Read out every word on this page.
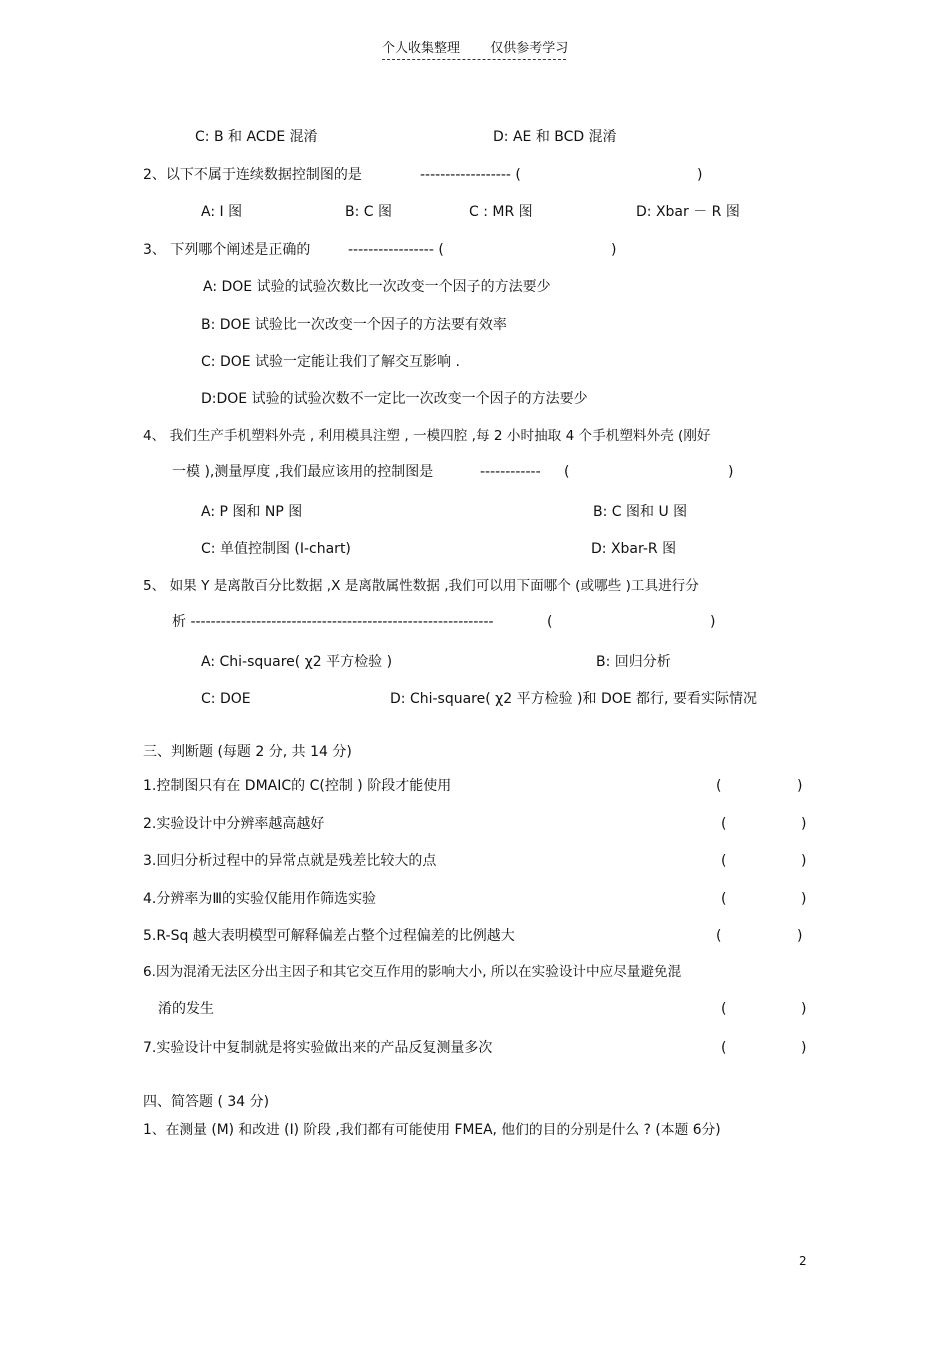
个人收集整理 仅供参考学习
C: B 和 ACDE 混淆	D: AE 和 BCD 混淆
2、以下不属于连续数据控制图的是	------------------ (	)
A: I 图	B: C 图	C : MR 图	D: Xbar － R 图
3、 下列哪个阐述是正确的	----------------- (	)
A: DOE 试验的试验次数比一次改变一个因子的方法要少
B: DOE 试验比一次改变一个因子的方法要有效率
C: DOE 试验一定能让我们了解交互影响 .
D:DOE 试验的试验次数不一定比一次改变一个因子的方法要少
4、 我们生产手机塑料外壳 , 利用模具注塑 , 一模四腔 ,每 2 小时抽取 4 个手机塑料外壳 (刚好
一模 ),测量厚度 ,我们最应该用的控制图是	------------ (	)
A: P 图和 NP 图	B: C 图和 U 图
C: 单值控制图 (I-chart)	D: Xbar-R 图
5、 如果 Y 是离散百分比数据 ,X 是离散属性数据 ,我们可以用下面哪个 (或哪些 )工具进行分
析 ------------------------------------------------------------	(	)
A: Chi-square( χ2 平方检验 )	B: 回归分析
C: DOE	D: Chi-square( χ2 平方检验 )和 DOE 都行, 要看实际情况
三、判断题 (每题 2 分, 共 14 分)
1.控制图只有在 DMAIC的 C(控制 ) 阶段才能使用	(	)
2.实验设计中分辨率越高越好	(	)
3.回归分析过程中的异常点就是残差比较大的点	(	)
4.分辨率为Ⅲ的实验仅能用作筛选实验	(	)
5.R-Sq 越大表明模型可解释偏差占整个过程偏差的比例越大	(	)
6.因为混淆无法区分出主因子和其它交互作用的影响大小, 所以在实验设计中应尽量避免混
淆的发生	(	)
7.实验设计中复制就是将实验做出来的产品反复测量多次	(	)
四、简答题 ( 34 分)
1、在测量 (M) 和改进 (I) 阶段 ,我们都有可能使用 FMEA, 他们的目的分别是什么 ? (本题 6分)
2
